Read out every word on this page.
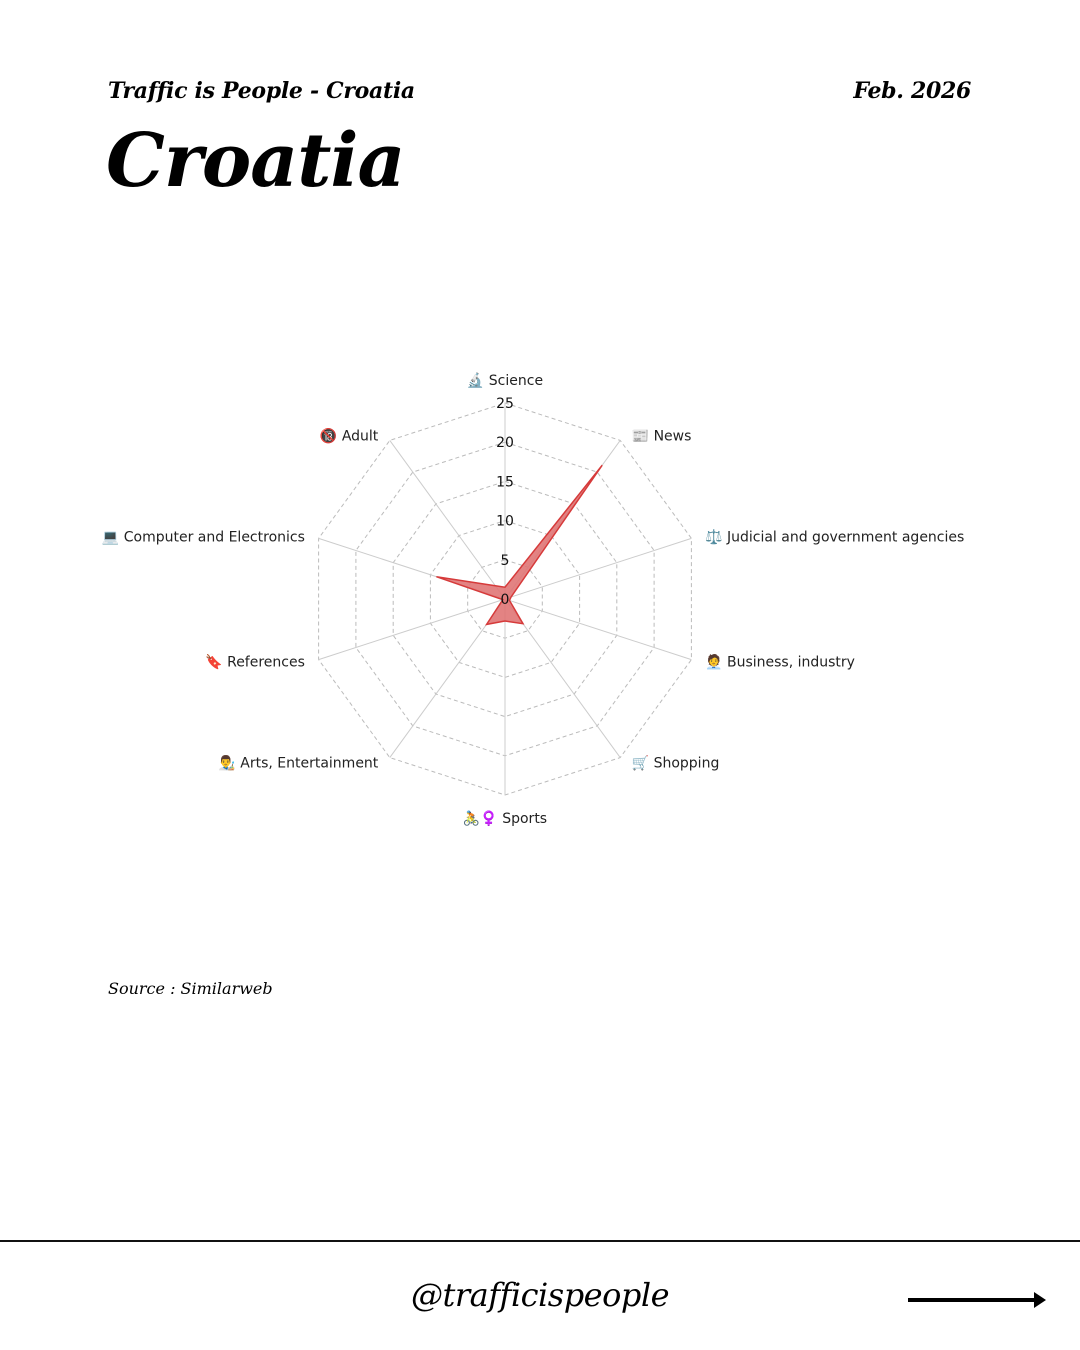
Traffic is People - Croatia	Feb. 2026
Croatia
0
5
10
15
20
25
🔬 Science
📰 News
⚖️ Judicial and government agencies
🧑‍💼 Business, industry
🛒 Shopping
🚴♀️ Sports
👨‍🎨 Arts, Entertainment
🔖 References
💻 Computer and Electronics
🔞 Adult
Source : Similarweb
@trafficispeople
